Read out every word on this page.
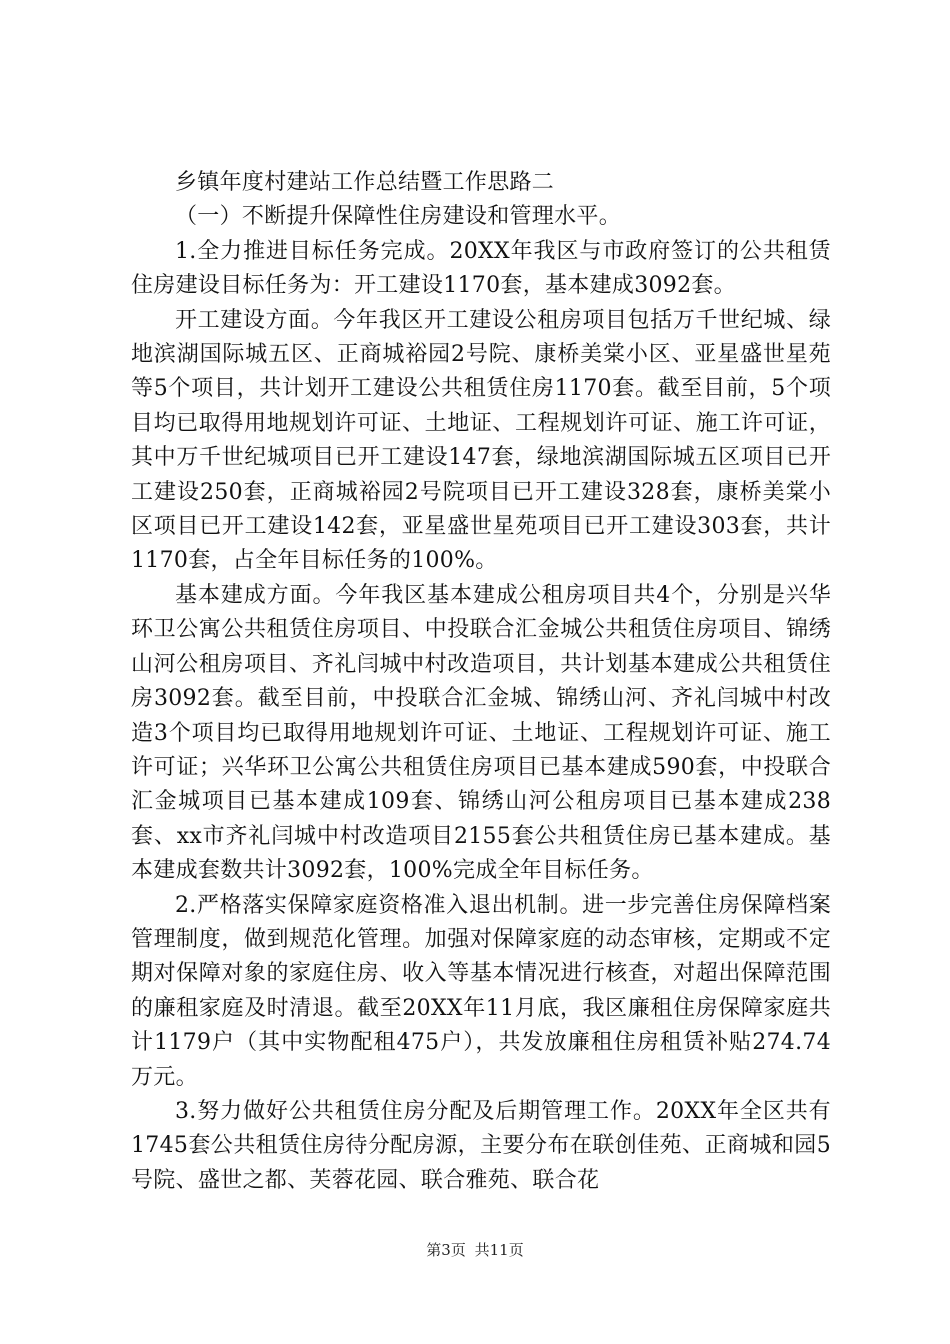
乡镇年度村建站工作总结暨工作思路二

（一）不断提升保障性住房建设和管理水平。

1.全力推进目标任务完成。20XX年我区与市政府签订的公共租赁住房建设目标任务为：开工建设1170套，基本建成3092套。

开工建设方面。今年我区开工建设公租房项目包括万千世纪城、绿地滨湖国际城五区、正商城裕园2号院、康桥美棠小区、亚星盛世星苑等5个项目，共计划开工建设公共租赁住房1170套。截至目前，5个项目均已取得用地规划许可证、土地证、工程规划许可证、施工许可证，其中万千世纪城项目已开工建设147套，绿地滨湖国际城五区项目已开工建设250套，正商城裕园2号院项目已开工建设328套，康桥美棠小区项目已开工建设142套，亚星盛世星苑项目已开工建设303套，共计1170套，占全年目标任务的100%。

基本建成方面。今年我区基本建成公租房项目共4个，分别是兴华环卫公寓公共租赁住房项目、中投联合汇金城公共租赁住房项目、锦绣山河公租房项目、齐礼闫城中村改造项目，共计划基本建成公共租赁住房3092套。截至目前，中投联合汇金城、锦绣山河、齐礼闫城中村改造3个项目均已取得用地规划许可证、土地证、工程规划许可证、施工许可证；兴华环卫公寓公共租赁住房项目已基本建成590套，中投联合汇金城项目已基本建成109套、锦绣山河公租房项目已基本建成238套、xx市齐礼闫城中村改造项目2155套公共租赁住房已基本建成。基本建成套数共计3092套，100%完成全年目标任务。

2.严格落实保障家庭资格准入退出机制。进一步完善住房保障档案管理制度，做到规范化管理。加强对保障家庭的动态审核，定期或不定期对保障对象的家庭住房、收入等基本情况进行核查，对超出保障范围的廉租家庭及时清退。截至20XX年11月底，我区廉租住房保障家庭共计1179户（其中实物配租475户），共发放廉租住房租赁补贴274.74万元。

3.努力做好公共租赁住房分配及后期管理工作。20XX年全区共有1745套公共租赁住房待分配房源，主要分布在联创佳苑、正商城和园5号院、盛世之都、芙蓉花园、联合雅苑、联合花

第3页 共11页
